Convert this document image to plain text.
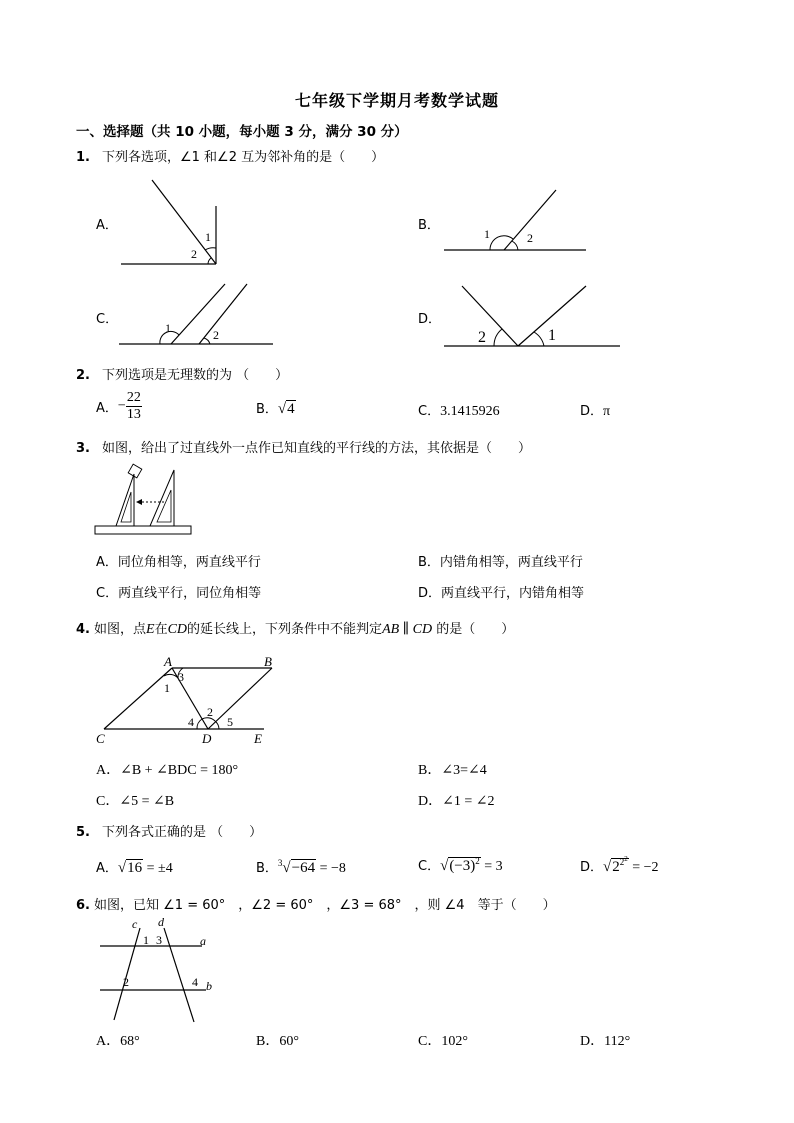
七年级下学期月考数学试题
一、选择题（共 10 小题，每小题 3 分，满分 30 分）
1. 下列各选项，∠1 和∠2 互为邻补角的是（　　）
A．
1
2
B．
1	2
C．
1	2
D．
2	1
2. 下列选项是无理数的为 （　　）
A．− $\frac{22}{13}$	B．√4	C．3.1415926	D．π
3. 如图，给出了过直线外一点作已知直线的平行线的方法，其依据是（　　）
A．同位角相等，两直线平行	B．内错角相等，两直线平行
C．两直线平行，同位角相等	D．两直线平行，内错角相等
4. 如图，点E在CD的延长线上，下列条件中不能判定AB ∥ CD 的是（　　）
A	B
C	D	E
1
3
2
4	5
A．∠B + ∠BDC = 180°	B．∠3=∠4
C．∠5 = ∠B	D．∠1 = ∠2
5. 下列各式正确的是 （　　）
A．√16 = ±4	B．$^3$√−64 = −8	C．$√(-3)^2 = 3$	D．$√2^{2^2} = -2$
6. 如图，已知 ∠1 = 60°　，∠2 = 60°　，∠3 = 68°　，则 ∠4　等于（　　）
c d
a
b
1 3
2	4
A．68°	B．60°	C．102°	D．112°
